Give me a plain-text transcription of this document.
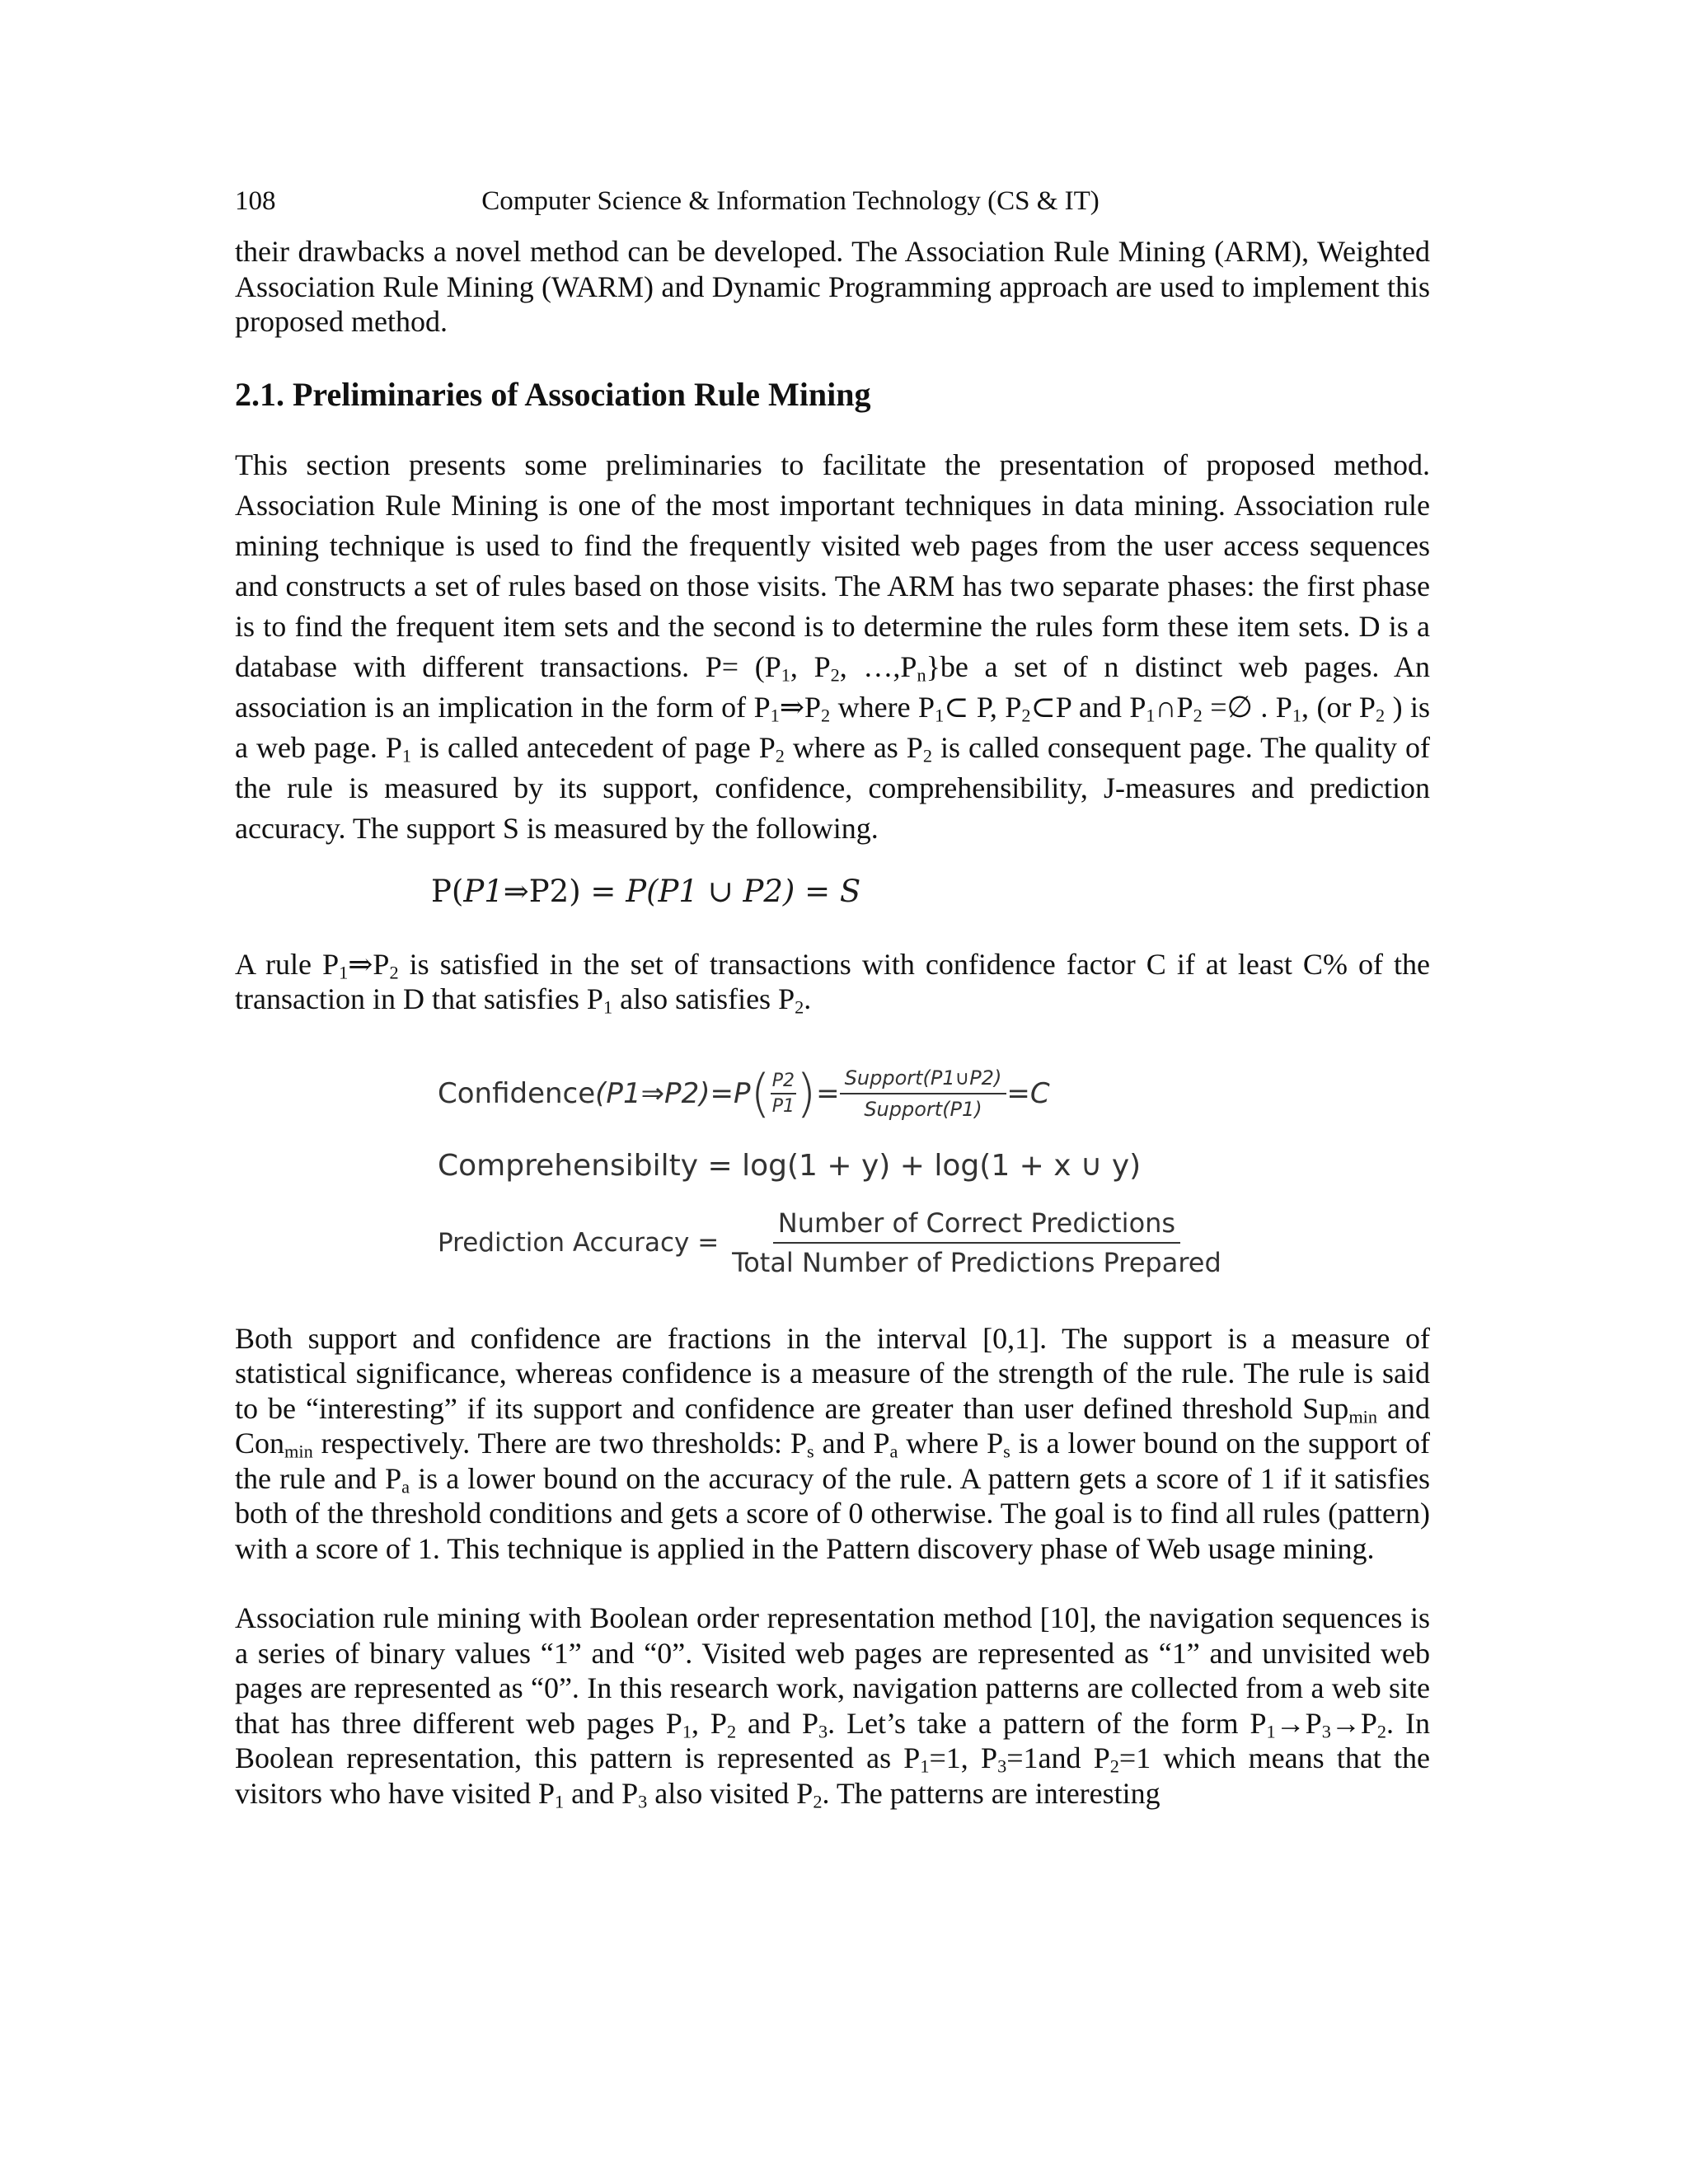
108	Computer Science & Information Technology (CS & IT)

their drawbacks a novel method can be developed. The Association Rule Mining (ARM), Weighted Association Rule Mining (WARM) and Dynamic Programming approach are used to implement this proposed method.

2.1. Preliminaries of Association Rule Mining

This section presents some preliminaries to facilitate the presentation of proposed method. Association Rule Mining is one of the most important techniques in data mining. Association rule mining technique is used to find the frequently visited web pages from the user access sequences and constructs a set of rules based on those visits. The ARM has two separate phases: the first phase is to find the frequent item sets and the second is to determine the rules form these item sets. D is a database with different transactions. $P= (P_1$, $P_2$, $\dots,P_n\}be$ a set of n distinct web pages. An association is an implication in the form of $P_1\Rightarrow P_2$ where $P_1\subset$ P, $P_2\subset P$ and $P_1\cap P_2$ =∅ . $P_1$, (or $P_2$ ) is a web page. $P_1$ is called antecedent of page $P_2$ where as $P_2$ is called consequent page. The quality of the rule is measured by its support, confidence, comprehensibility, J-measures and prediction accuracy. The support S is measured by the following.

P(P1⇒P2) = P(P1 ∪ P2) = S

A rule $P_1\Rightarrow P_2$ is satisfied in the set of transactions with confidence factor C if at least C% of the transaction in D that satisfies $P_1$ also satisfies $P_2$.

Confidence (P1⇒P2) = P ( $\frac{P2}{P1}$ ) = $\frac{\text{Support(P1∪P2)}}{\text{Support(P1)}} = C$
Comprehensibilty = log(1 + y) + log(1 + x ∪ y)
Prediction Accuracy = $\frac{\text{Number of Correct Predictions}}{\text{Total Number of Predictions Prepared}}$

Both support and confidence are fractions in the interval [0,1]. The support is a measure of statistical significance, whereas confidence is a measure of the strength of the rule. The rule is said to be “interesting” if its support and confidence are greater than user defined threshold Sup$_{min}$ and Con$_{min}$ respectively. There are two thresholds: $P_s$ and $P_a$ where $P_s$ is a lower bound on the support of the rule and $P_a$ is a lower bound on the accuracy of the rule. A pattern gets a score of 1 if it satisfies both of the threshold conditions and gets a score of 0 otherwise. The goal is to find all rules (pattern) with a score of 1. This technique is applied in the Pattern discovery phase of Web usage mining.

Association rule mining with Boolean order representation method [10], the navigation sequences is a series of binary values “1” and “0”. Visited web pages are represented as “1” and unvisited web pages are represented as “0”. In this research work, navigation patterns are collected from a web site that has three different web pages $P_1$, $P_2$ and $P_3$. Let’s take a pattern of the form $P_1\to P_3\to P_2$. In Boolean representation, this pattern is represented as $P_1=1$, $P_3=1and$ $P_2=1$ which means that the visitors who have visited $P_1$ and $P_3$ also visited $P_2$. The patterns are interesting
